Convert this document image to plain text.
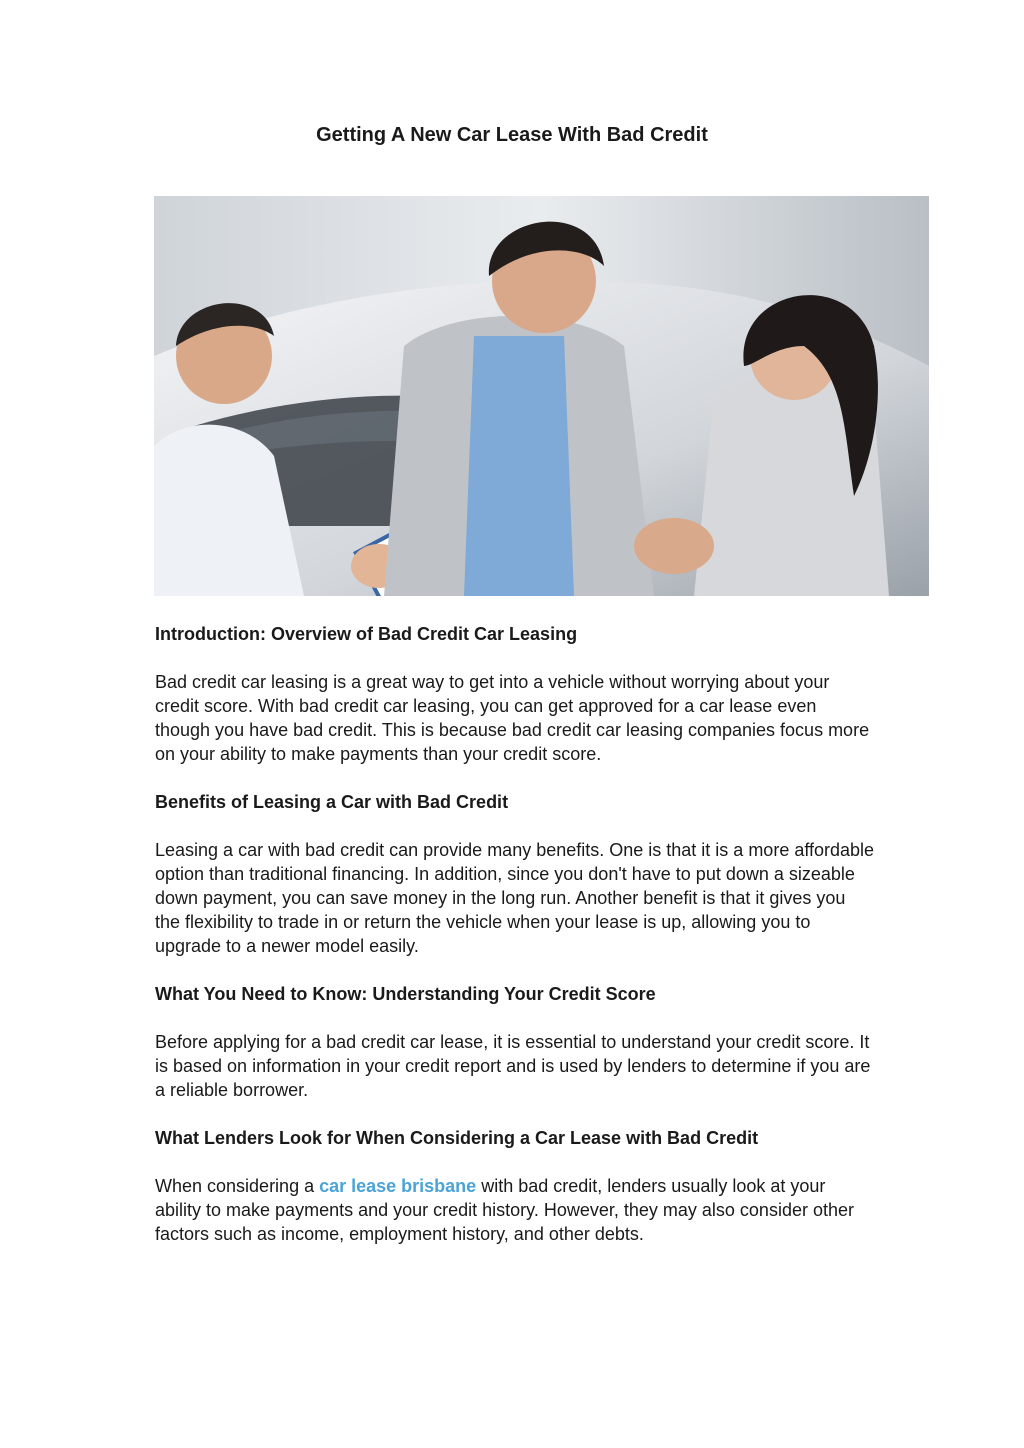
Getting A New Car Lease With Bad Credit
Introduction: Overview of Bad Credit Car Leasing

Bad credit car leasing is a great way to get into a vehicle without worrying about your credit score. With bad credit car leasing, you can get approved for a car lease even though you have bad credit. This is because bad credit car leasing companies focus more on your ability to make payments than your credit score.

Benefits of Leasing a Car with Bad Credit

Leasing a car with bad credit can provide many benefits. One is that it is a more affordable option than traditional financing. In addition, since you don't have to put down a sizeable down payment, you can save money in the long run. Another benefit is that it gives you the flexibility to trade in or return the vehicle when your lease is up, allowing you to upgrade to a newer model easily.

What You Need to Know: Understanding Your Credit Score

Before applying for a bad credit car lease, it is essential to understand your credit score. It is based on information in your credit report and is used by lenders to determine if you are a reliable borrower.

What Lenders Look for When Considering a Car Lease with Bad Credit

When considering a car lease brisbane with bad credit, lenders usually look at your ability to make payments and your credit history. However, they may also consider other factors such as income, employment history, and other debts.
